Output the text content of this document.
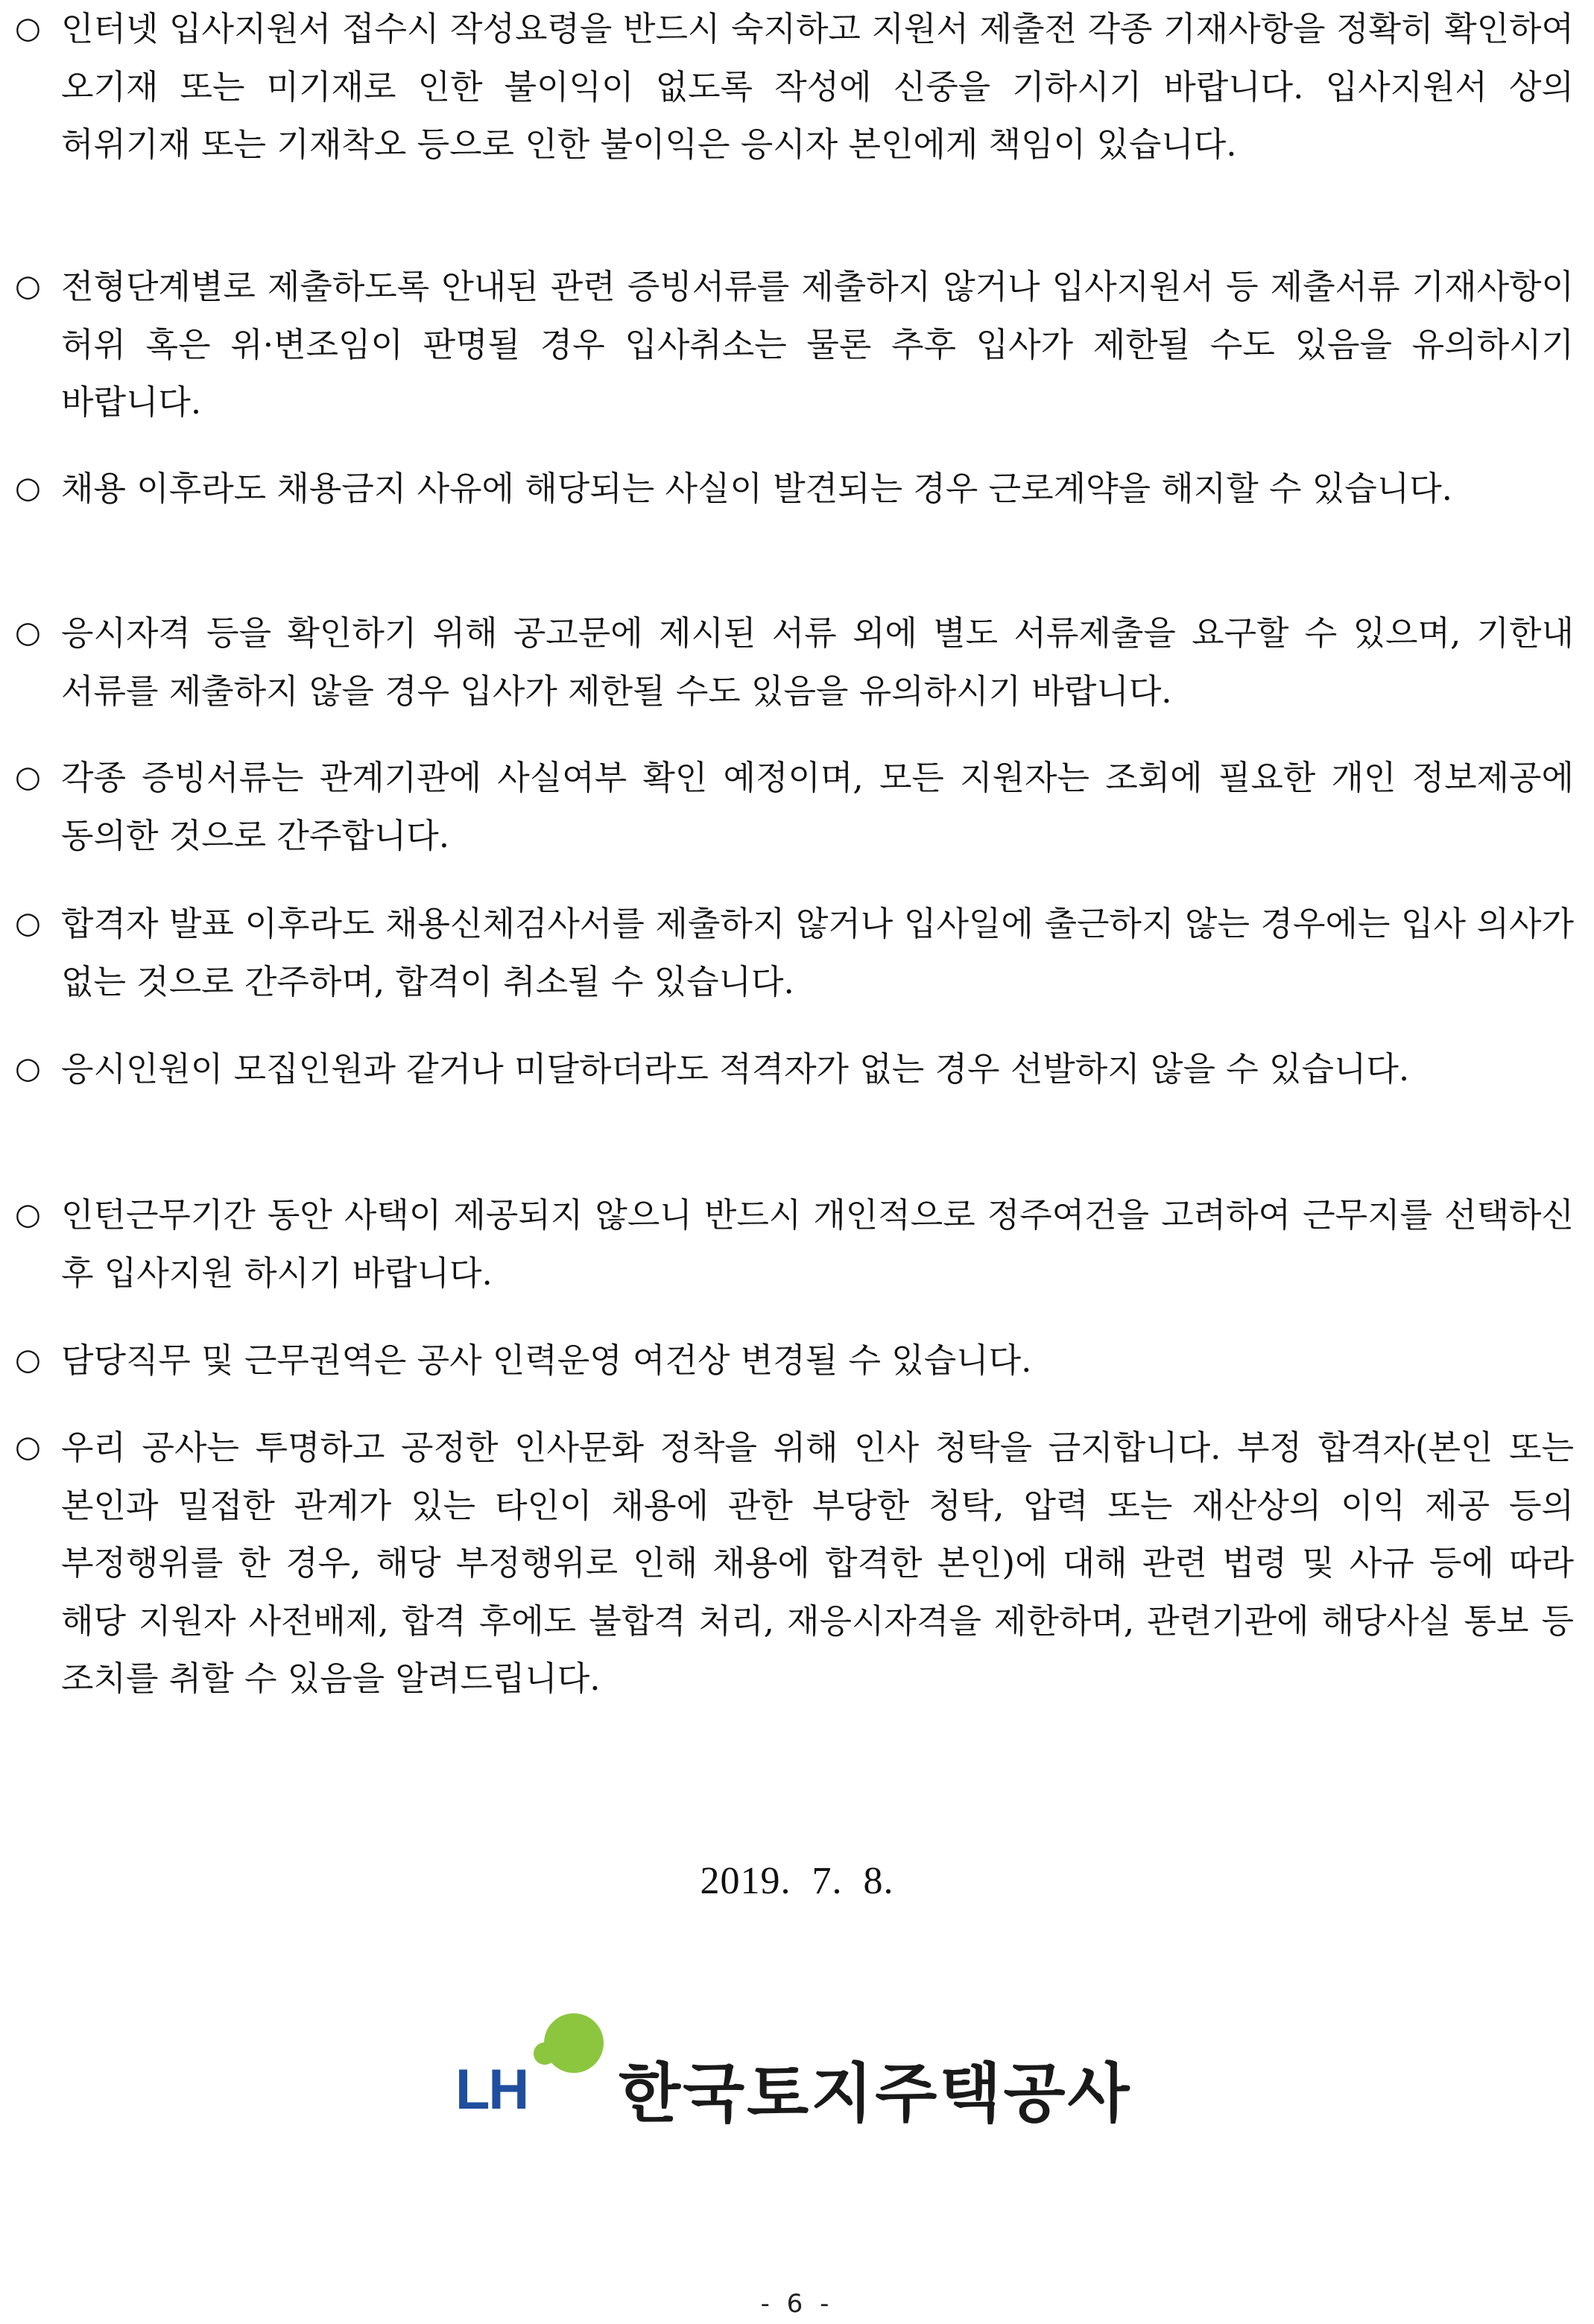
○ 인터넷 입사지원서 접수시 작성요령을 반드시 숙지하고 지원서 제출전 각종 기재사항을 정확히 확인하여 오기재 또는 미기재로 인한 불이익이 없도록 작성에 신중을 기하시기 바랍니다. 입사지원서 상의 허위기재 또는 기재착오 등으로 인한 불이익은 응시자 본인에게 책임이 있습니다.

○ 전형단계별로 제출하도록 안내된 관련 증빙서류를 제출하지 않거나 입사지원서 등 제출서류 기재사항이 허위 혹은 위·변조임이 판명될 경우 입사취소는 물론 추후 입사가 제한될 수도 있음을 유의하시기 바랍니다.

○ 채용 이후라도 채용금지 사유에 해당되는 사실이 발견되는 경우 근로계약을 해지할 수 있습니다.

○ 응시자격 등을 확인하기 위해 공고문에 제시된 서류 외에 별도 서류제출을 요구할 수 있으며, 기한내 서류를 제출하지 않을 경우 입사가 제한될 수도 있음을 유의하시기 바랍니다.

○ 각종 증빙서류는 관계기관에 사실여부 확인 예정이며, 모든 지원자는 조회에 필요한 개인 정보제공에 동의한 것으로 간주합니다.

○ 합격자 발표 이후라도 채용신체검사서를 제출하지 않거나 입사일에 출근하지 않는 경우에는 입사 의사가 없는 것으로 간주하며, 합격이 취소될 수 있습니다.

○ 응시인원이 모집인원과 같거나 미달하더라도 적격자가 없는 경우 선발하지 않을 수 있습니다.

○ 인턴근무기간 동안 사택이 제공되지 않으니 반드시 개인적으로 정주여건을 고려하여 근무지를 선택하신 후 입사지원 하시기 바랍니다.

○ 담당직무 및 근무권역은 공사 인력운영 여건상 변경될 수 있습니다.

○ 우리 공사는 투명하고 공정한 인사문화 정착을 위해 인사 청탁을 금지합니다. 부정 합격자(본인 또는 본인과 밀접한 관계가 있는 타인이 채용에 관한 부당한 청탁, 압력 또는 재산상의 이익 제공 등의 부정행위를 한 경우, 해당 부정행위로 인해 채용에 합격한 본인)에 대해 관련 법령 및 사규 등에 따라 해당 지원자 사전배제, 합격 후에도 불합격 처리, 재응시자격을 제한하며, 관련기관에 해당사실 통보 등 조치를 취할 수 있음을 알려드립니다.

2019. 7. 8.
LH 한국토지주택공사
- 6 -
